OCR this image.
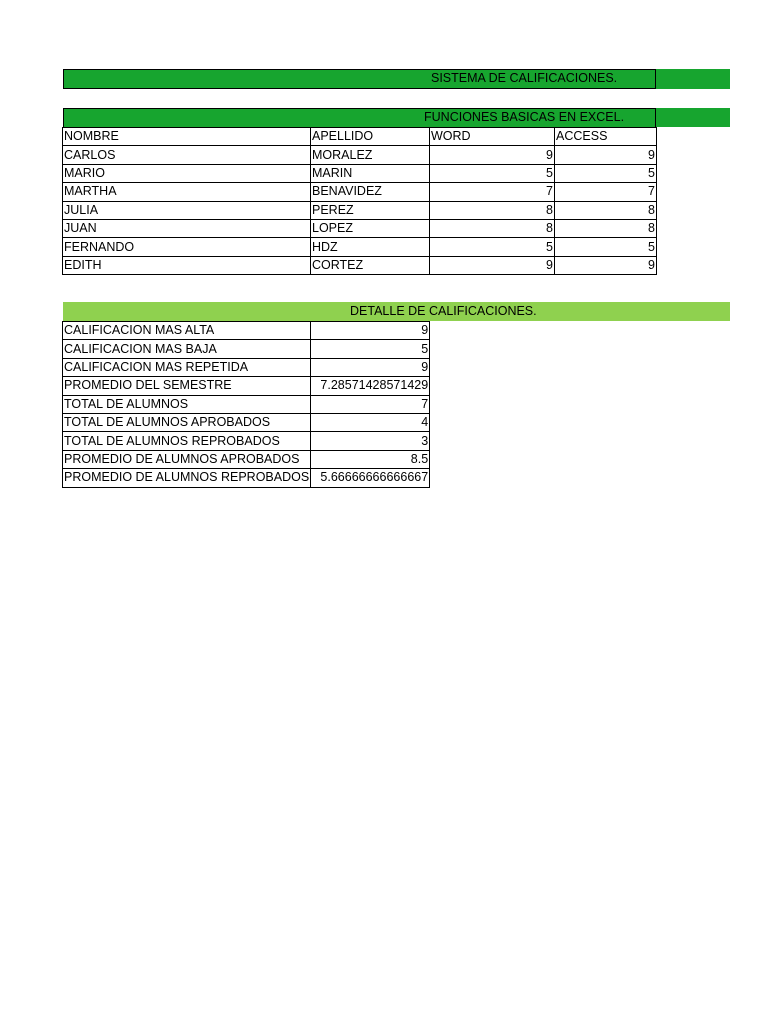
SISTEMA DE CALIFICACIONES.
FUNCIONES BASICAS EN EXCEL.
NOMBRE	APELLIDO	WORD	ACCESS
CARLOS	MORALEZ	9	9
MARIO	MARIN	5	5
MARTHA	BENAVIDEZ	7	7
JULIA	PEREZ	8	8
JUAN	LOPEZ	8	8
FERNANDO	HDZ	5	5
EDITH	CORTEZ	9	9
DETALLE DE CALIFICACIONES.
CALIFICACION MAS ALTA	9
CALIFICACION MAS BAJA	5
CALIFICACION MAS REPETIDA	9
PROMEDIO DEL SEMESTRE	7.28571428571429
TOTAL DE ALUMNOS	7
TOTAL DE ALUMNOS APROBADOS	4
TOTAL DE ALUMNOS REPROBADOS	3
PROMEDIO DE ALUMNOS APROBADOS	8.5
PROMEDIO DE ALUMNOS REPROBADOS	5.66666666666667
